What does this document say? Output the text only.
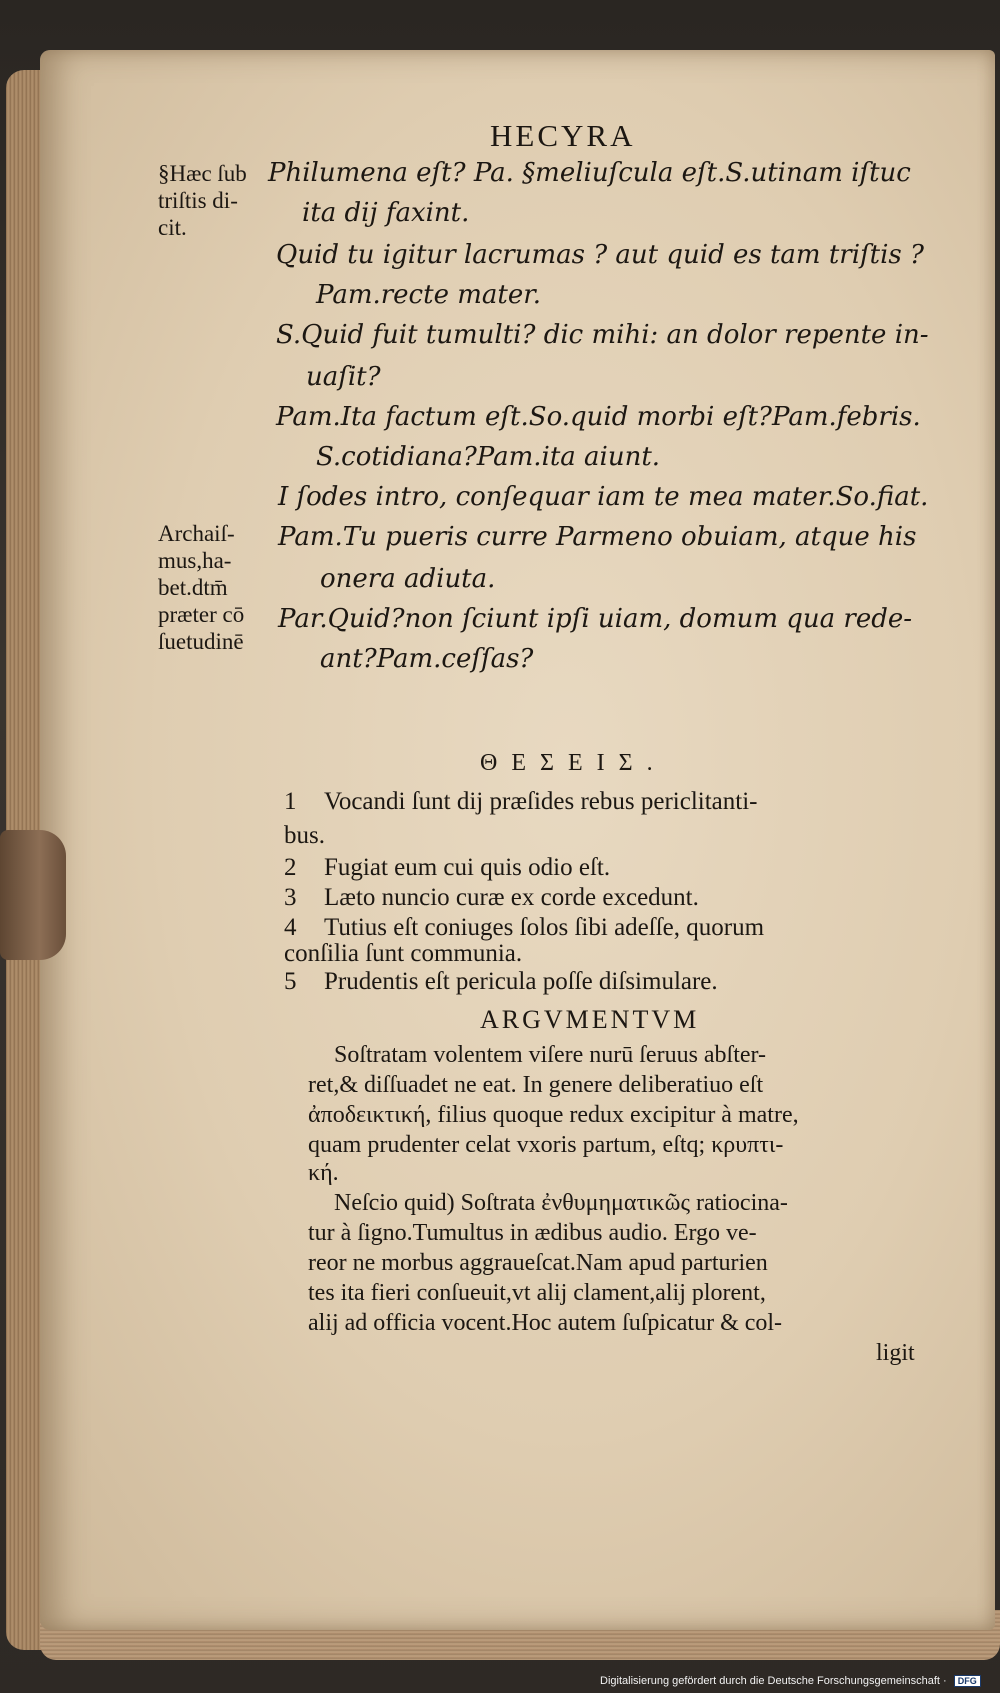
HECYRA
§Hæc ſub
triſtis di-
cit.
Archaiſ-
mus,ha-
bet.dtm̄
præter cō
ſuetudinē
Philumena eſt? Pa. §meliuſcula eſt.S.utinam iſtuc
ita dij faxint.
Quid tu igitur lacrumas ? aut quid es tam triſtis ?
Pam.recte mater.
S.Quid fuit tumulti? dic mihi: an dolor repente in-
uaſit?
Pam.Ita factum eſt.So.quid morbi eſt?Pam.febris.
S.cotidiana?Pam.ita aiunt.
I ſodes intro, conſequar iam te mea mater.So.fiat.
Pam.Tu pueris curre Parmeno obuiam, atque his
onera adiuta.
Par.Quid?non ſciunt ipſi uiam, domum qua rede-
ant?Pam.ceſſas?
ΘΕΣΕΙΣ.
1 Vocandi ſunt dij præſides rebus periclitanti-
bus.
2 Fugiat eum cui quis odio eſt.
3 Læto nuncio curæ ex corde excedunt.
4 Tutius eſt coniuges ſolos ſibi adeſſe, quorum
conſilia ſunt communia.
5 Prudentis eſt pericula poſſe diſsimulare.
ARGVMENTVM
Soſtratam volentem viſere nurū ſeruus abſter-
ret,& diſſuadet ne eat. In genere deliberatiuo eſt
ἀποδεικτική, filius quoque redux excipitur à matre,
quam prudenter celat vxoris partum, eſtq; κρυπτι-
κή.
Neſcio quid) Soſtrata ἐνθυμηματικῶς ratiocina-
tur à ſigno.Tumultus in ædibus audio. Ergo ve-
reor ne morbus aggraueſcat.Nam apud parturien
tes ita fieri conſueuit,vt alij clament,alij plorent,
alij ad officia vocent.Hoc autem ſuſpicatur & col-
ligit
Digitalisierung gefördert durch die Deutsche Forschungsgemeinschaft · DFG
